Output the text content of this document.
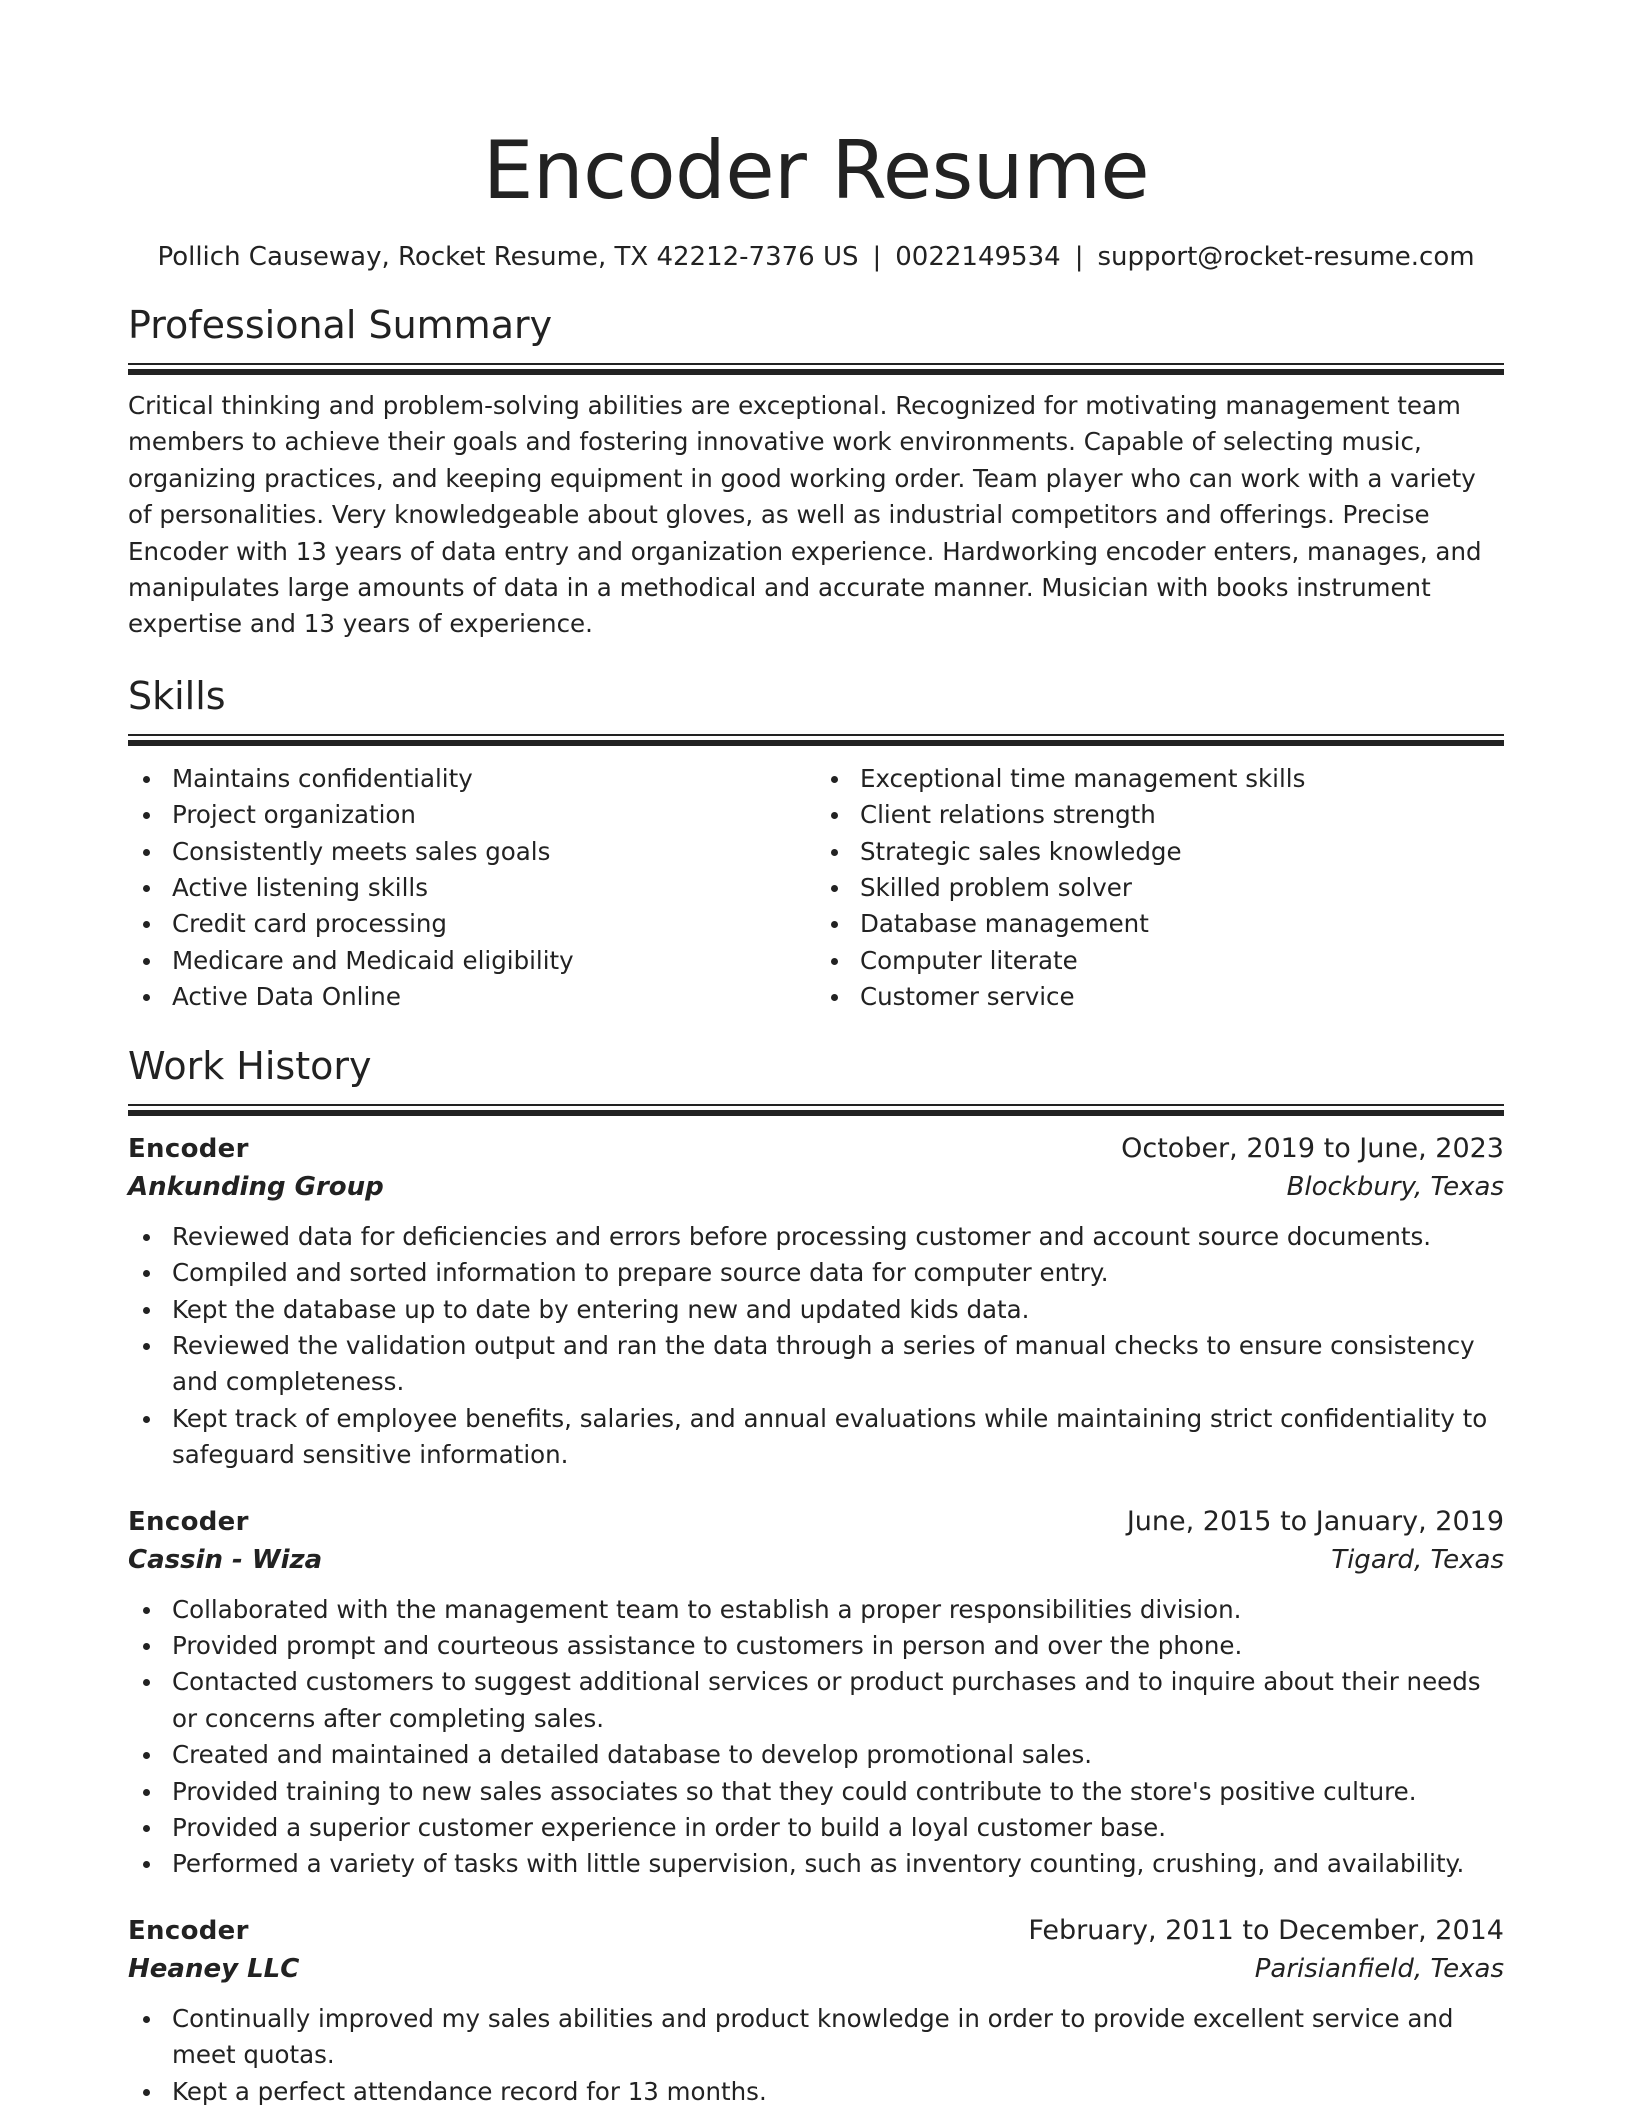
Encoder Resume
Pollich Causeway, Rocket Resume, TX 42212-7376 US | 0022149534 | support@rocket-resume.com
Professional Summary

Critical thinking and problem-solving abilities are exceptional. Recognized for motivating management team members to achieve their goals and fostering innovative work environments. Capable of selecting music, organizing practices, and keeping equipment in good working order. Team player who can work with a variety of personalities. Very knowledgeable about gloves, as well as industrial competitors and offerings. Precise Encoder with 13 years of data entry and organization experience. Hardworking encoder enters, manages, and manipulates large amounts of data in a methodical and accurate manner. Musician with books instrument expertise and 13 years of experience.

Skills
Maintains confidentiality
Project organization
Consistently meets sales goals
Active listening skills
Credit card processing
Medicare and Medicaid eligibility
Active Data Online
Exceptional time management skills
Client relations strength
Strategic sales knowledge
Skilled problem solver
Database management
Computer literate
Customer service
Work History
Encoder	October, 2019 to June, 2023
Ankunding Group	Blockbury, Texas
Reviewed data for deficiencies and errors before processing customer and account source documents.
Compiled and sorted information to prepare source data for computer entry.
Kept the database up to date by entering new and updated kids data.
Reviewed the validation output and ran the data through a series of manual checks to ensure consistency and completeness.
Kept track of employee benefits, salaries, and annual evaluations while maintaining strict confidentiality to safeguard sensitive information.
Encoder	June, 2015 to January, 2019
Cassin - Wiza	Tigard, Texas
Collaborated with the management team to establish a proper responsibilities division.
Provided prompt and courteous assistance to customers in person and over the phone.
Contacted customers to suggest additional services or product purchases and to inquire about their needs or concerns after completing sales.
Created and maintained a detailed database to develop promotional sales.
Provided training to new sales associates so that they could contribute to the store's positive culture.
Provided a superior customer experience in order to build a loyal customer base.
Performed a variety of tasks with little supervision, such as inventory counting, crushing, and availability.
Encoder	February, 2011 to December, 2014
Heaney LLC	Parisianfield, Texas
Continually improved my sales abilities and product knowledge in order to provide excellent service and meet quotas.
Kept a perfect attendance record for 13 months.
